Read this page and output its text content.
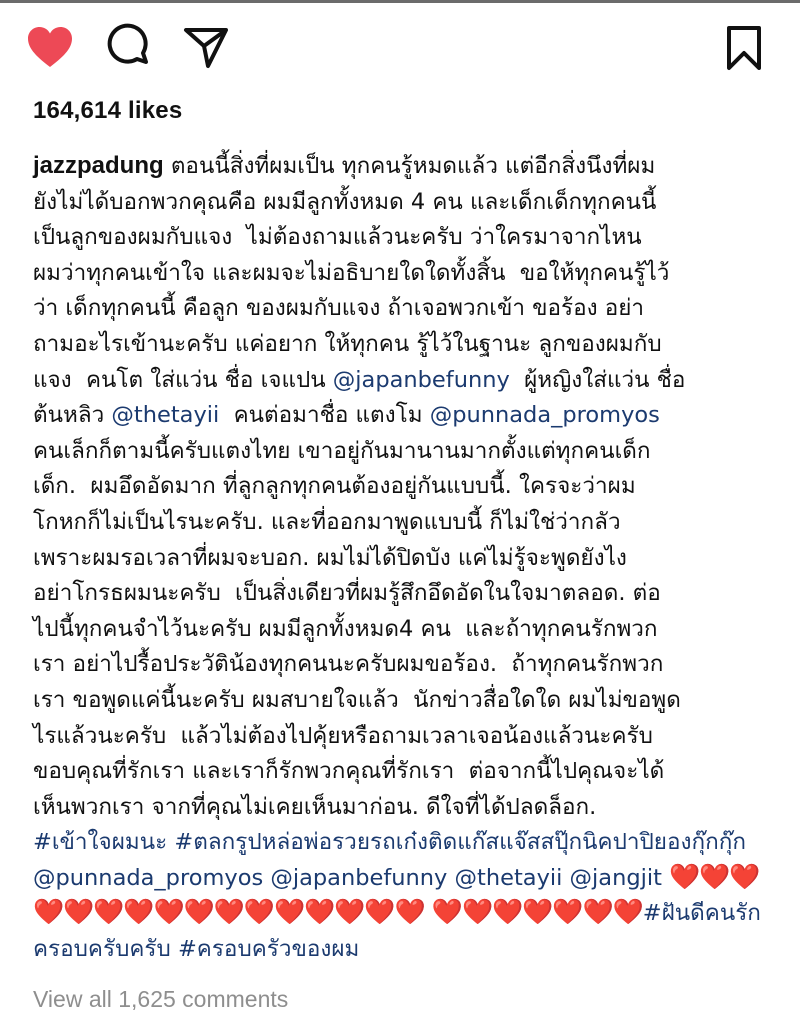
164,614 likes
jazzpadung ตอนนี้สิ่งที่ผมเป็น ทุกคนรู้หมดแล้ว แต่อีกสิ่งนึงที่ผม
ยังไม่ได้บอกพวกคุณคือ ผมมีลูกทั้งหมด 4 คน และเด็กเด็กทุกคนนี้
เป็นลูกของผมกับแจง  ไม่ต้องถามแล้วนะครับ ว่าใครมาจากไหน
ผมว่าทุกคนเข้าใจ และผมจะไม่อธิบายใดใดทั้งสิ้น  ขอให้ทุกคนรู้ไว้
ว่า เด็กทุกคนนี้ คือลูก ของผมกับแจง ถ้าเจอพวกเข้า ขอร้อง อย่า
ถามอะไรเข้านะครับ แค่อยาก ให้ทุกคน รู้ไว้ในฐานะ ลูกของผมกับ
แจง  คนโต ใส่แว่น ชื่อ เจแปน @japanbefunny  ผู้หญิงใส่แว่น ชื่อ
ต้นหลิว @thetayii  คนต่อมาชื่อ แตงโม @punnada_promyos
คนเล็กก็ตามนี้ครับแตงไทย เขาอยู่กันมานานมากตั้งแต่ทุกคนเด็ก
เด็ก.  ผมอึดอัดมาก ที่ลูกลูกทุกคนต้องอยู่กันแบบนี้. ใครจะว่าผม
โกหกก็ไม่เป็นไรนะครับ. และที่ออกมาพูดแบบนี้ ก็ไม่ใช่ว่ากลัว
เพราะผมรอเวลาที่ผมจะบอก. ผมไม่ได้ปิดบัง แค่ไม่รู้จะพูดยังไง
อย่าโกรธผมนะครับ  เป็นสิ่งเดียวที่ผมรู้สึกอึดอัดในใจมาตลอด. ต่อ
ไปนี้ทุกคนจำไว้นะครับ ผมมีลูกทั้งหมด4 คน  และถ้าทุกคนรักพวก
เรา อย่าไปรื้อประวัติน้องทุกคนนะครับผมขอร้อง.  ถ้าทุกคนรักพวก
เรา ขอพูดแค่นี้นะครับ ผมสบายใจแล้ว  นักข่าวสื่อใดใด ผมไม่ขอพูด
ไรแล้วนะครับ  แล้วไม่ต้องไปคุ้ยหรือถามเวลาเจอน้องแล้วนะครับ
ขอบคุณที่รักเรา และเราก็รักพวกคุณที่รักเรา  ต่อจากนี้ไปคุณจะได้
เห็นพวกเรา จากที่คุณไม่เคยเห็นมาก่อน. ดีใจที่ได้ปลดล็อก.
#เข้าใจผมนะ #ตลกรูปหล่อพ่อรวยรถเก๋งติดแก๊สแจ๊สสปุ๊กนิคปาปิยองกุ๊กกุ๊ก  @punnada_promyos @japanbefunny @thetayii @jangjit ❤️❤️❤️❤️❤️❤️❤️❤️❤️❤️❤️❤️❤️❤️❤️❤️ ❤️❤️❤️❤️❤️❤️❤️#ฝันดีคนรักครอบครับครับ #ครอบครัวของผม
View all 1,625 comments
